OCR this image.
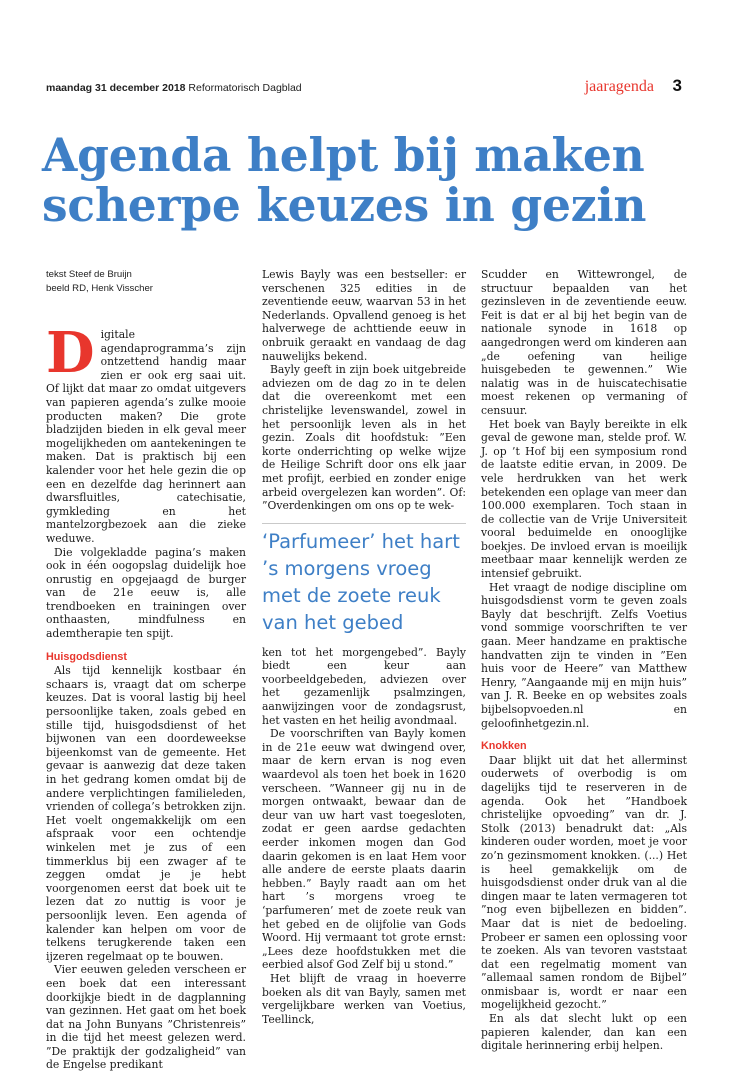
maandag 31 december 2018 Reformatorisch Dagblad	jaaragenda 3
Agenda helpt bij maken
scherpe keuzes in gezin
tekst Steef de Bruijn
beeld RD, Henk Visscher

Digitale agendaprogramma’s zijn ontzettend handig maar zien er ook erg saai uit. Of lijkt dat maar zo omdat uitgevers van papieren agenda’s zulke mooie producten maken? Die grote bladzijden bieden in elk geval meer mogelijkheden om aantekeningen te maken. Dat is praktisch bij een kalender voor het hele gezin die op een en dezelfde dag herinnert aan dwarsfluitles, catechisatie, gymkleding en het mantelzorgbezoek aan die zieke weduwe.

Die volgekladde pagina’s maken ook in één oogopslag duidelijk hoe onrustig en opgejaagd de burger van de 21e eeuw is, alle trendboeken en trainingen over onthaasten, mindfulness en ademtherapie ten spijt.

Huisgodsdienst

Als tijd kennelijk kostbaar én schaars is, vraagt dat om scherpe keuzes. Dat is vooral lastig bij heel persoonlijke taken, zoals gebed en stille tijd, huisgodsdienst of het bijwonen van een doordeweekse bijeenkomst van de gemeente. Het gevaar is aanwezig dat deze taken in het gedrang komen omdat bij de andere verplichtingen familieleden, vrienden of collega’s betrokken zijn. Het voelt ongemakkelijk om een afspraak voor een ochtendje winkelen met je zus of een timmerklus bij een zwager af te zeggen omdat je je hebt voorgenomen eerst dat boek uit te lezen dat zo nuttig is voor je persoonlijk leven. Een agenda of kalender kan helpen om voor de telkens terugkerende taken een ijzeren regelmaat op te bouwen.

Vier eeuwen geleden verscheen er een boek dat een interessant doorkijkje biedt in de dagplanning van gezinnen. Het gaat om het boek dat na John Bunyans ”Christenreis” in die tijd het meest gelezen werd. ”De praktijk der godzaligheid” van de Engelse predikant

Lewis Bayly was een bestseller: er verschenen 325 edities in de zeventiende eeuw, waarvan 53 in het Nederlands. Opvallend genoeg is het halverwege de achttiende eeuw in onbruik geraakt en vandaag de dag nauwelijks bekend.

Bayly geeft in zijn boek uitgebreide adviezen om de dag zo in te delen dat die overeenkomt met een christelijke levenswandel, zowel in het persoonlijk leven als in het gezin. Zoals dit hoofdstuk: ”Een korte onderrichting op welke wijze de Heilige Schrift door ons elk jaar met profijt, eerbied en zonder enige arbeid overgelezen kan worden”. Of: ”Overdenkingen om ons op te wek-

‘Parfumeer’ het hart ’s morgens vroeg met de zoete reuk van het gebed

ken tot het morgengebed”. Bayly biedt een keur aan voorbeeldgebeden, adviezen over het gezamenlijk psalmzingen, aanwijzingen voor de zondagsrust, het vasten en het heilig avondmaal.

De voorschriften van Bayly komen in de 21e eeuw wat dwingend over, maar de kern ervan is nog even waardevol als toen het boek in 1620 verscheen. ”Wanneer gij nu in de morgen ontwaakt, bewaar dan de deur van uw hart vast toegesloten, zodat er geen aardse gedachten eerder inkomen mogen dan God daarin gekomen is en laat Hem voor alle andere de eerste plaats daarin hebben.” Bayly raadt aan om het hart ’s morgens vroeg te ‘parfumeren’ met de zoete reuk van het gebed en de olijfolie van Gods Woord. Hij vermaant tot grote ernst: „Lees deze hoofdstukken met die eerbied alsof God Zelf bij u stond.”

Het blijft de vraag in hoeverre boeken als dit van Bayly, samen met vergelijkbare werken van Voetius, Teellinck,

Scudder en Wittewrongel, de structuur bepaalden van het gezinsleven in de zeventiende eeuw. Feit is dat er al bij het begin van de nationale synode in 1618 op aangedrongen werd om kinderen aan „de oefening van heilige huisgebeden te gewennen.” Wie nalatig was in de huiscatechisatie moest rekenen op vermaning of censuur.

Het boek van Bayly bereikte in elk geval de gewone man, stelde prof. W. J. op ’t Hof bij een symposium rond de laatste editie ervan, in 2009. De vele herdrukken van het werk betekenden een oplage van meer dan 100.000 exemplaren. Toch staan in de collectie van de Vrije Universiteit vooral beduimelde en onooglijke boekjes. De invloed ervan is moeilijk meetbaar maar kennelijk werden ze intensief gebruikt.

Het vraagt de nodige discipline om huisgodsdienst vorm te geven zoals Bayly dat beschrijft. Zelfs Voetius vond sommige voorschriften te ver gaan. Meer handzame en praktische handvatten zijn te vinden in ”Een huis voor de Heere” van Matthew Henry, ”Aangaande mij en mijn huis” van J. R. Beeke en op websites zoals bijbelsopvoeden.nl en geloofinhetgezin.nl.

Knokken

Daar blijkt uit dat het allerminst ouderwets of overbodig is om dagelijks tijd te reserveren in de agenda. Ook het ”Handboek christelijke opvoeding” van dr. J. Stolk (2013) benadrukt dat: „Als kinderen ouder worden, moet je voor zo’n gezinsmoment knokken. (...) Het is heel gemakkelijk om de huisgodsdienst onder druk van al die dingen maar te laten vermageren tot ”nog even bijbellezen en bidden”. Maar dat is niet de bedoeling. Probeer er samen een oplossing voor te zoeken. Als van tevoren vaststaat dat een regelmatig moment van ”allemaal samen rondom de Bijbel” onmisbaar is, wordt er naar een mogelijkheid gezocht.”

En als dat slecht lukt op een papieren kalender, dan kan een digitale herinnering erbij helpen.
